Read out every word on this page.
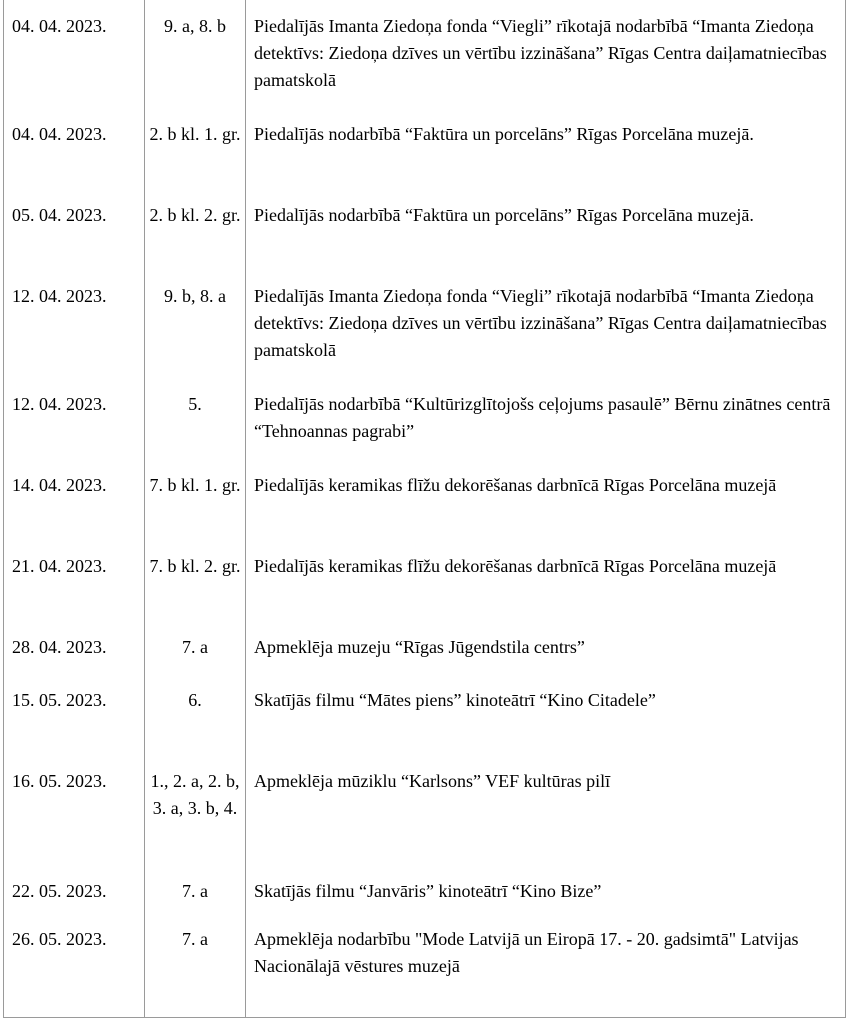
04. 04. 2023.	9. a, 8. b	Piedalījās Imanta Ziedoņa fonda “Viegli” rīkotajā nodarbībā “Imanta Ziedoņa detektīvs: Ziedoņa dzīves un vērtību izzināšana” Rīgas Centra daiļamatniecības pamatskolā

04. 04. 2023.	2. b kl. 1. gr.	Piedalījās nodarbībā “Faktūra un porcelāns” Rīgas Porcelāna muzejā.

05. 04. 2023.	2. b kl. 2. gr.	Piedalījās nodarbībā “Faktūra un porcelāns” Rīgas Porcelāna muzejā.

12. 04. 2023.	9. b, 8. a	Piedalījās Imanta Ziedoņa fonda “Viegli” rīkotajā nodarbībā “Imanta Ziedoņa detektīvs: Ziedoņa dzīves un vērtību izzināšana” Rīgas Centra daiļamatniecības pamatskolā

12. 04. 2023.	5.	Piedalījās nodarbībā “Kultūrizglītojošs ceļojums pasaulē” Bērnu zinātnes centrā “Tehnoannas pagrabi”

14. 04. 2023.	7. b kl. 1. gr.	Piedalījās keramikas flīžu dekorēšanas darbnīcā Rīgas Porcelāna muzejā

21. 04. 2023.	7. b kl. 2. gr.	Piedalījās keramikas flīžu dekorēšanas darbnīcā Rīgas Porcelāna muzejā

28. 04. 2023.	7. a	Apmeklēja muzeju “Rīgas Jūgendstila centrs”

15. 05. 2023.	6.	Skatījās filmu “Mātes piens” kinoteātrī “Kino Citadele”

16. 05. 2023.	1., 2. a, 2. b, 3. a, 3. b, 4.	Apmeklēja mūziklu “Karlsons” VEF kultūras pilī

22. 05. 2023.	7. a	Skatījās filmu “Janvāris” kinoteātrī “Kino Bize”

26. 05. 2023.	7. a	Apmeklēja nodarbību "Mode Latvijā un Eiropā 17. - 20. gadsimtā" Latvijas Nacionālajā vēstures muzejā
